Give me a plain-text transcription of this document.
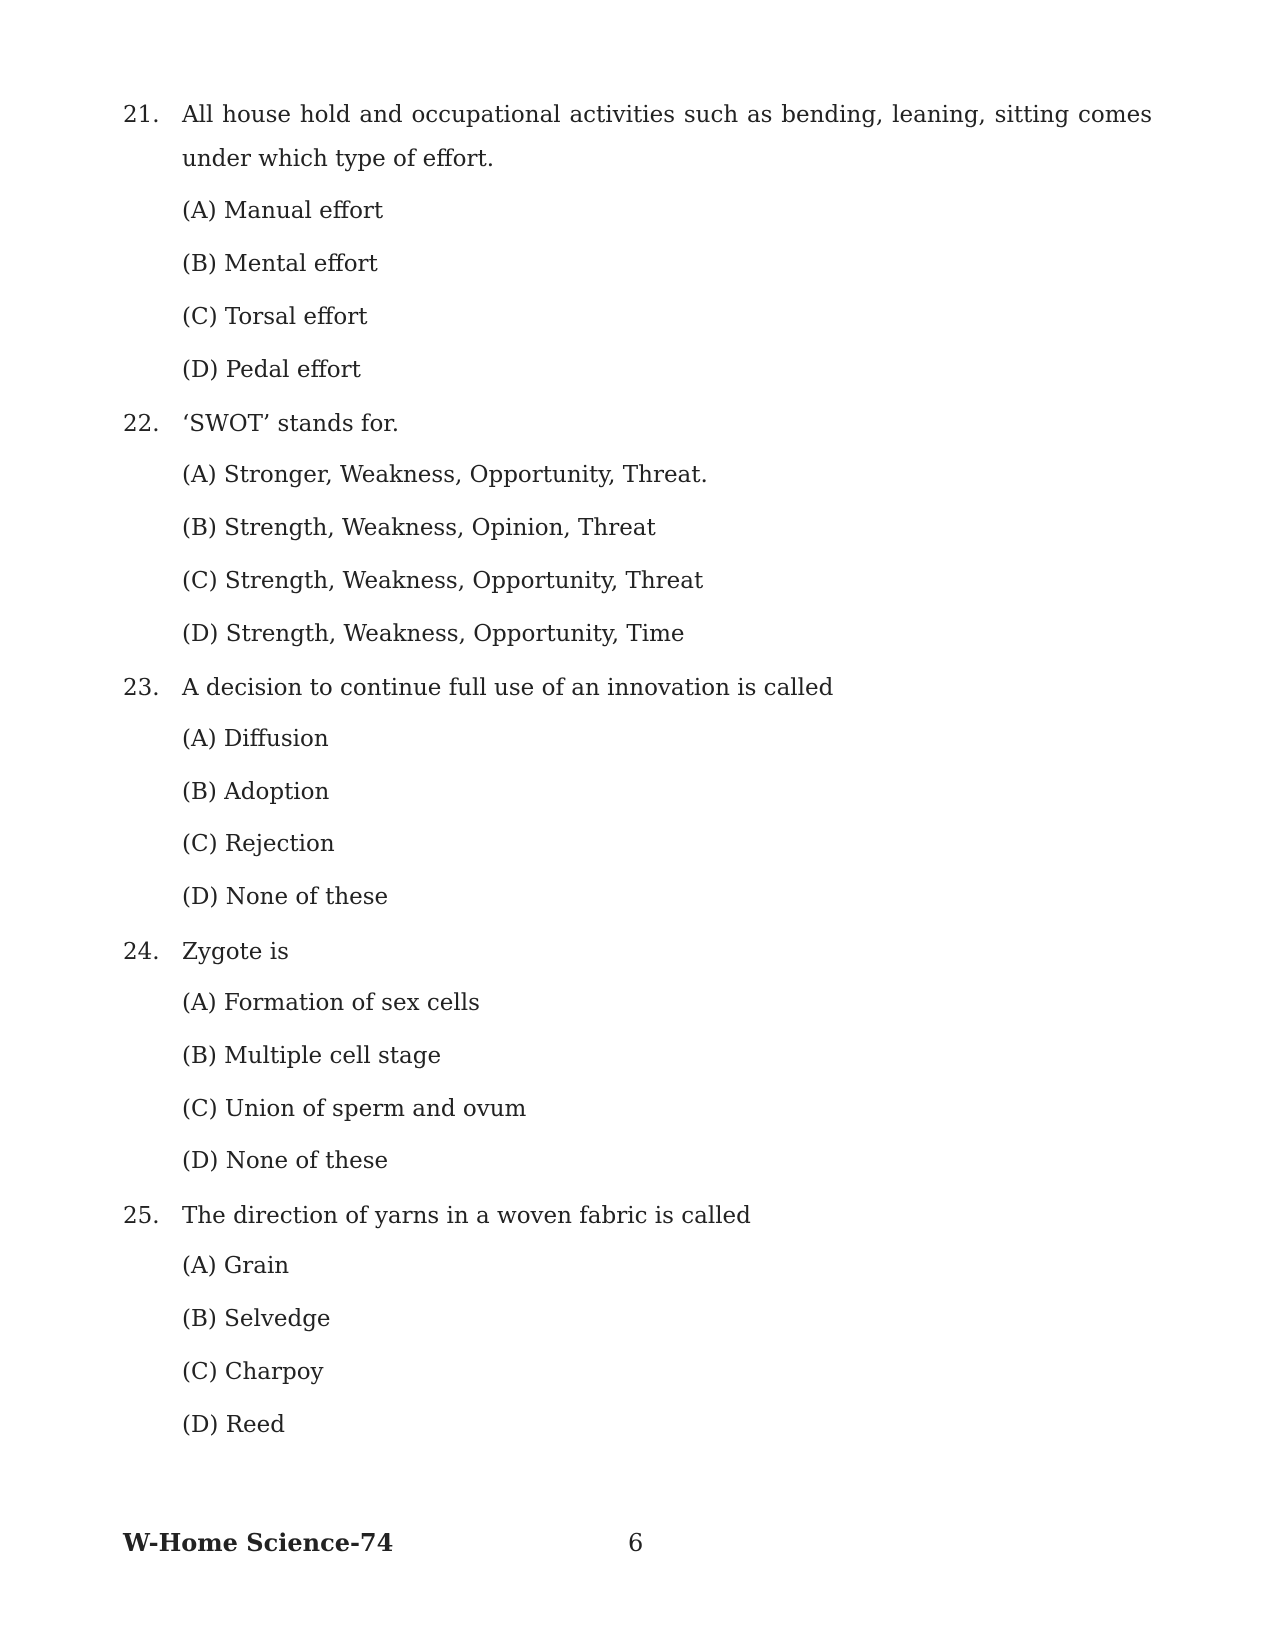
21. All house hold and occupational activities such as bending, leaning, sitting comes under which type of effort.

(A) Manual effort
(B) Mental effort
(C) Torsal effort
(D) Pedal effort
22. ‘SWOT’ stands for.

(A) Stronger, Weakness, Opportunity, Threat.
(B) Strength, Weakness, Opinion, Threat
(C) Strength, Weakness, Opportunity, Threat
(D) Strength, Weakness, Opportunity, Time
23. A decision to continue full use of an innovation is called

(A) Diffusion
(B) Adoption
(C) Rejection
(D) None of these
24. Zygote is

(A) Formation of sex cells
(B) Multiple cell stage
(C) Union of sperm and ovum
(D) None of these
25. The direction of yarns in a woven fabric is called

(A) Grain
(B) Selvedge
(C) Charpoy
(D) Reed
W-Home Science-74	6
